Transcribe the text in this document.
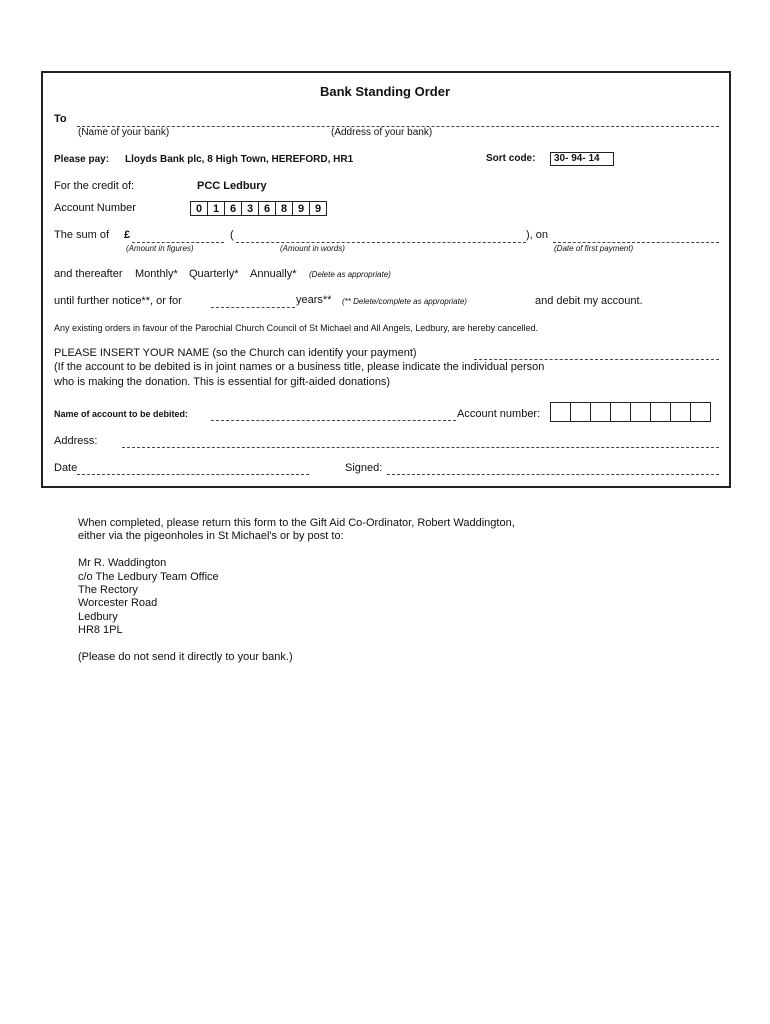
Bank Standing Order
To
(Name of your bank)	(Address of your bank)
Please pay: Lloyds Bank plc, 8 High Town, HEREFORD, HR1	Sort code:	30- 94- 14
For the credit of:	PCC Ledbury
Account Number	0 1 6 3 6 8 9 9
The sum of £	(	), on
(Amount in figures)	(Amount in words)	(Date of first payment)
and thereafter Monthly* Quarterly* Annually* (Delete as appropriate)
until further notice**, or for	years** (** Delete/complete as appropriate)	and debit my account.
Any existing orders in favour of the Parochial Church Council of St Michael and All Angels, Ledbury, are hereby cancelled.
PLEASE INSERT YOUR NAME (so the Church can identify your payment)
(If the account to be debited is in joint names or a business title, please indicate the individual person
who is making the donation. This is essential for gift-aided donations)
Name of account to be debited:	Account number:
Address:
Date	Signed:
When completed, please return this form to the Gift Aid Co-Ordinator, Robert Waddington,
either via the pigeonholes in St Michael's or by post to:
Mr R. Waddington
c/o The Ledbury Team Office
The Rectory
Worcester Road
Ledbury
HR8 1PL
(Please do not send it directly to your bank.)
